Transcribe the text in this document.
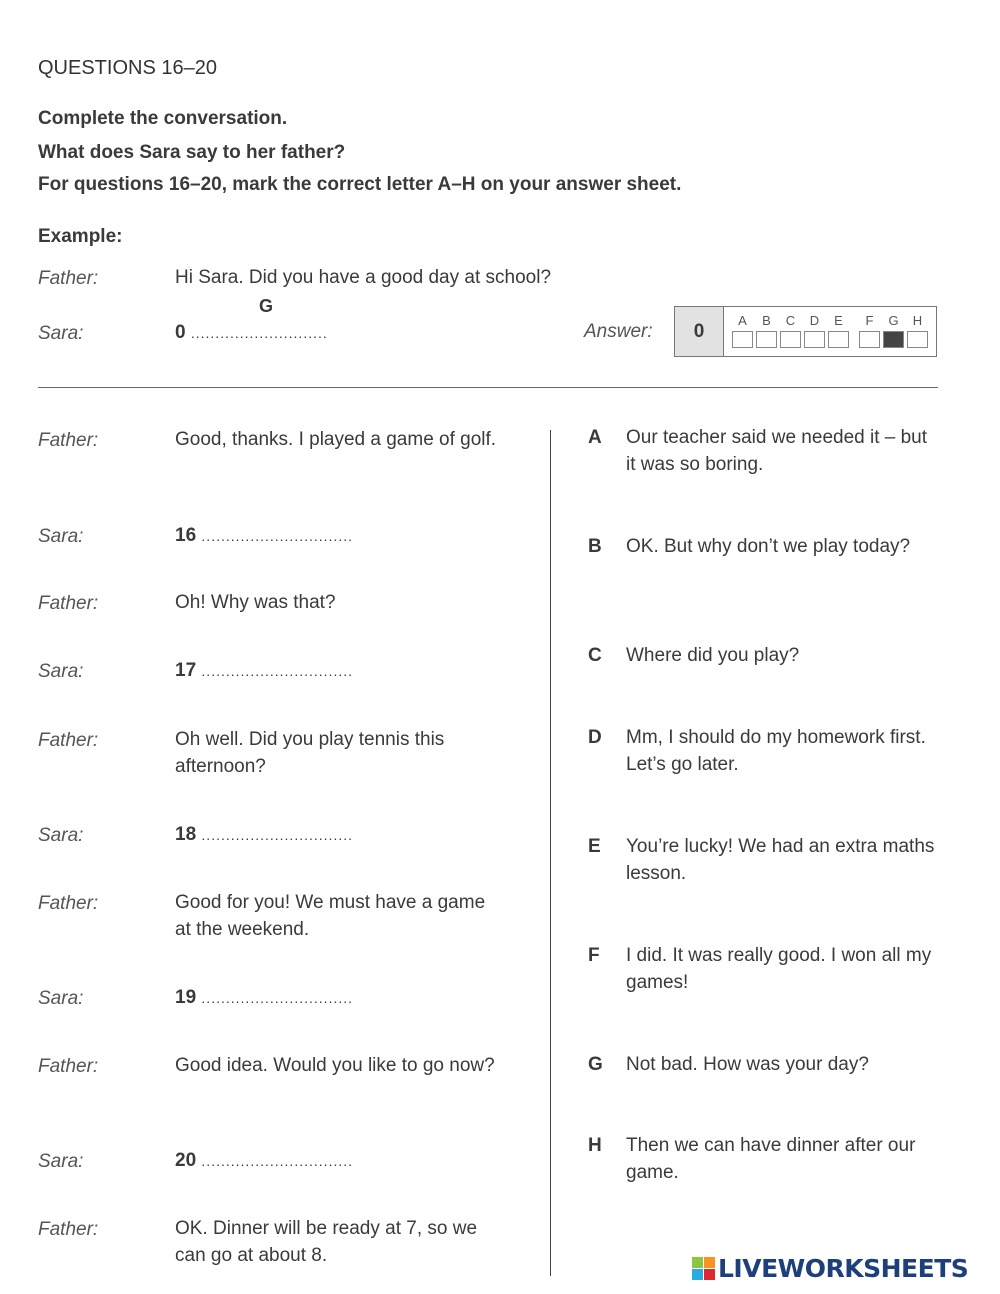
QUESTIONS 16–20
Complete the conversation.
What does Sara say to her father?
For questions 16–20, mark the correct letter A–H on your answer sheet.
Example:
Father:	Hi Sara. Did you have a good day at school?
Sara:	0 ............................
G
Answer:	0	A B C D E F G H
Father:	Good, thanks. I played a game of golf.
Sara:	16 ...............................
Father:	Oh! Why was that?
Sara:	17 ...............................
Father:	Oh well. Did you play tennis this afternoon?
Sara:	18 ...............................
Father:	Good for you! We must have a game at the weekend.
Sara:	19 ...............................
Father:	Good idea. Would you like to go now?
Sara:	20 ...............................
Father:	OK. Dinner will be ready at 7, so we can go at about 8.
A Our teacher said we needed it – but it was so boring.
B OK. But why don’t we play today?
C Where did you play?
D Mm, I should do my homework first. Let’s go later.
E You’re lucky! We had an extra maths lesson.
F I did. It was really good. I won all my games!
G Not bad. How was your day?
H Then we can have dinner after our game.
LIVEWORKSHEETS
